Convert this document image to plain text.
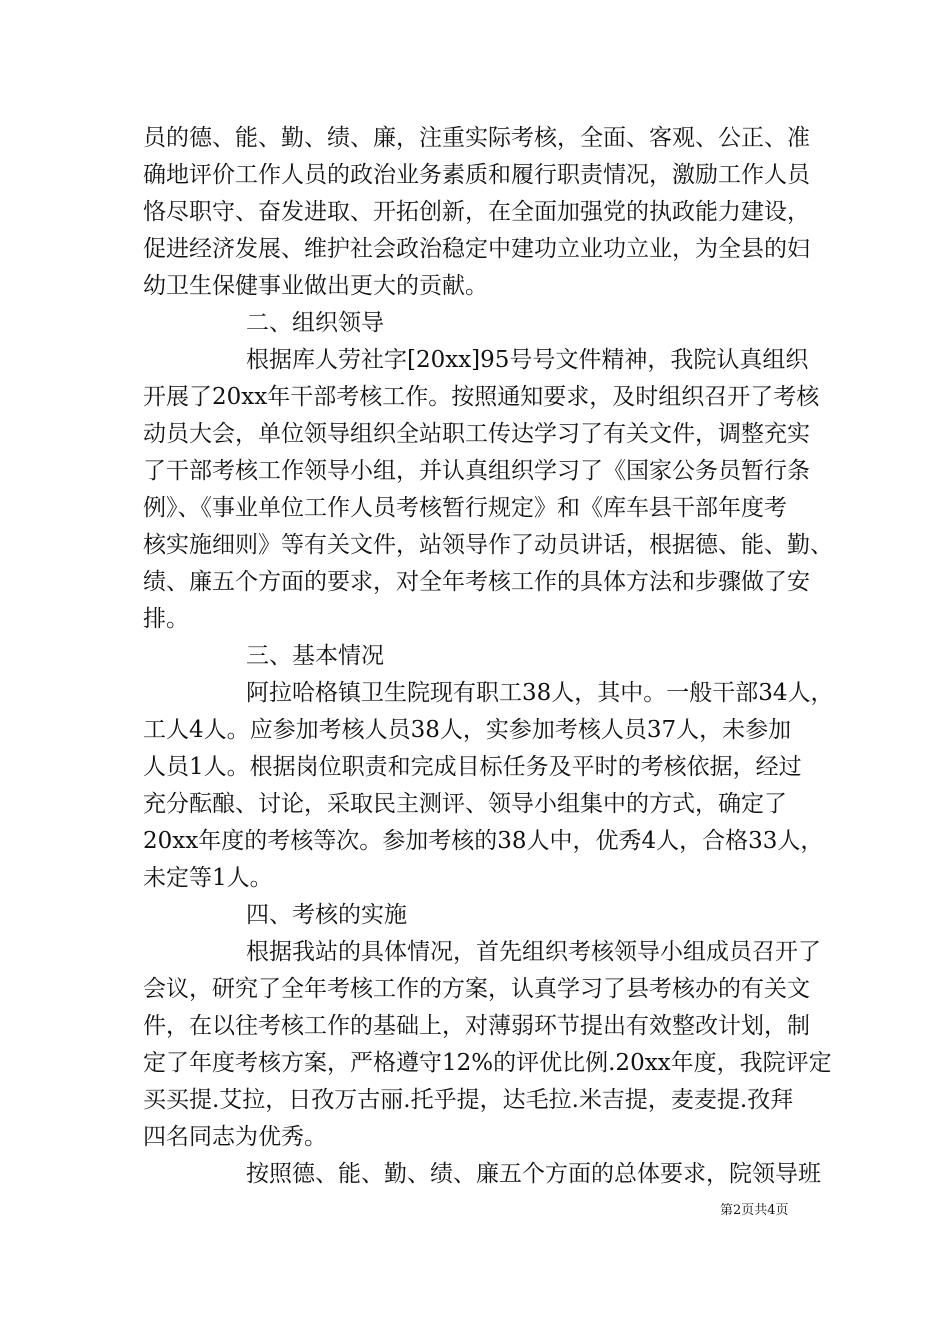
员的德、能、勤、绩、廉，注重实际考核，全面、客观、公正、准
确地评价工作人员的政治业务素质和履行职责情况，激励工作人员
恪尽职守、奋发进取、开拓创新，在全面加强党的执政能力建设，
促进经济发展、维护社会政治稳定中建功立业功立业，为全县的妇
幼卫生保健事业做出更大的贡献。
二、组织领导
根据库人劳社字[20xx]95号号文件精神，我院认真组织
开展了20xx年干部考核工作。按照通知要求，及时组织召开了考核
动员大会，单位领导组织全站职工传达学习了有关文件，调整充实
了干部考核工作领导小组，并认真组织学习了《国家公务员暂行条
例》、《事业单位工作人员考核暂行规定》和《库车县干部年度考
核实施细则》等有关文件，站领导作了动员讲话，根据德、能、勤、
绩、廉五个方面的要求，对全年考核工作的具体方法和步骤做了安
排。
三、基本情况
阿拉哈格镇卫生院现有职工38人，其中。一般干部34人，
工人4人。应参加考核人员38人，实参加考核人员37人，未参加
人员1人。根据岗位职责和完成目标任务及平时的考核依据，经过
充分酝酿、讨论，采取民主测评、领导小组集中的方式，确定了
20xx年度的考核等次。参加考核的38人中，优秀4人，合格33人，
未定等1人。
四、考核的实施
根据我站的具体情况，首先组织考核领导小组成员召开了
会议，研究了全年考核工作的方案，认真学习了县考核办的有关文
件，在以往考核工作的基础上，对薄弱环节提出有效整改计划，制
定了年度考核方案，严格遵守12%的评优比例.20xx年度，我院评定
买买提.艾拉，日孜万古丽.托乎提，达毛拉.米吉提，麦麦提.孜拜
四名同志为优秀。
按照德、能、勤、绩、廉五个方面的总体要求，院领导班
第2页共4页
